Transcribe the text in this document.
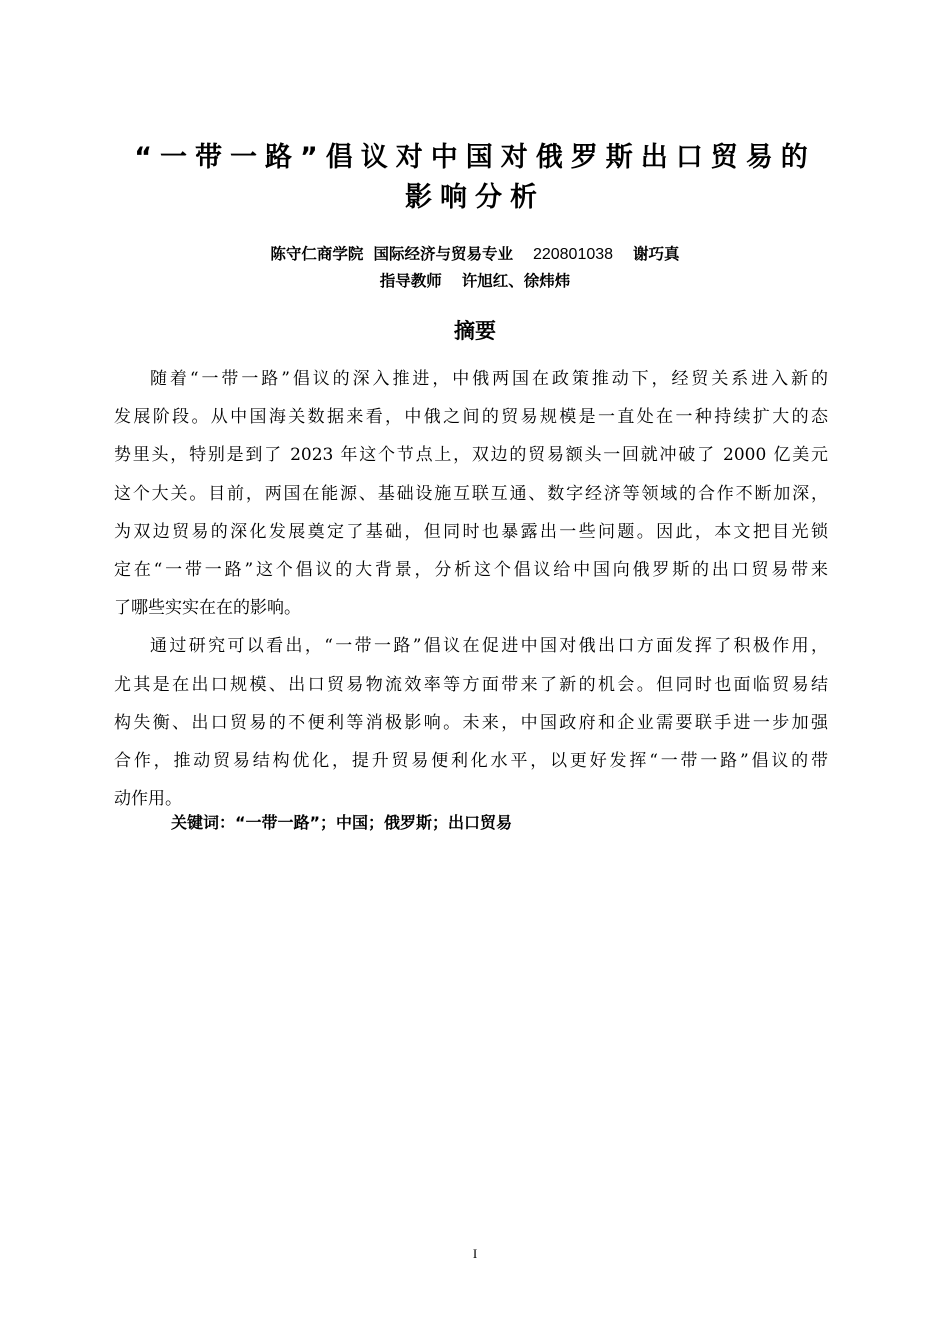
“一带一路”倡议对中国对俄罗斯出口贸易的
影响分析
陈守仁商学院 国际经济与贸易专业 220801038 谢巧真
指导教师 许旭红、徐炜炜
摘要

随着“一带一路”倡议的深入推进，中俄两国在政策推动下，经贸关系进入新的
发展阶段。从中国海关数据来看，中俄之间的贸易规模是一直处在一种持续扩大的态
势里头，特别是到了 2023 年这个节点上，双边的贸易额头一回就冲破了 2000 亿美元
这个大关。目前，两国在能源、基础设施互联互通、数字经济等领域的合作不断加深，
为双边贸易的深化发展奠定了基础，但同时也暴露出一些问题。因此，本文把目光锁
定在“一带一路”这个倡议的大背景，分析这个倡议给中国向俄罗斯的出口贸易带来
了哪些实实在在的影响。

通过研究可以看出，“一带一路”倡议在促进中国对俄出口方面发挥了积极作用，
尤其是在出口规模、出口贸易物流效率等方面带来了新的机会。但同时也面临贸易结
构失衡、出口贸易的不便利等消极影响。未来，中国政府和企业需要联手进一步加强
合作，推动贸易结构优化，提升贸易便利化水平，以更好发挥“一带一路”倡议的带
动作用。

关键词：“一带一路”；中国；俄罗斯；出口贸易
I
